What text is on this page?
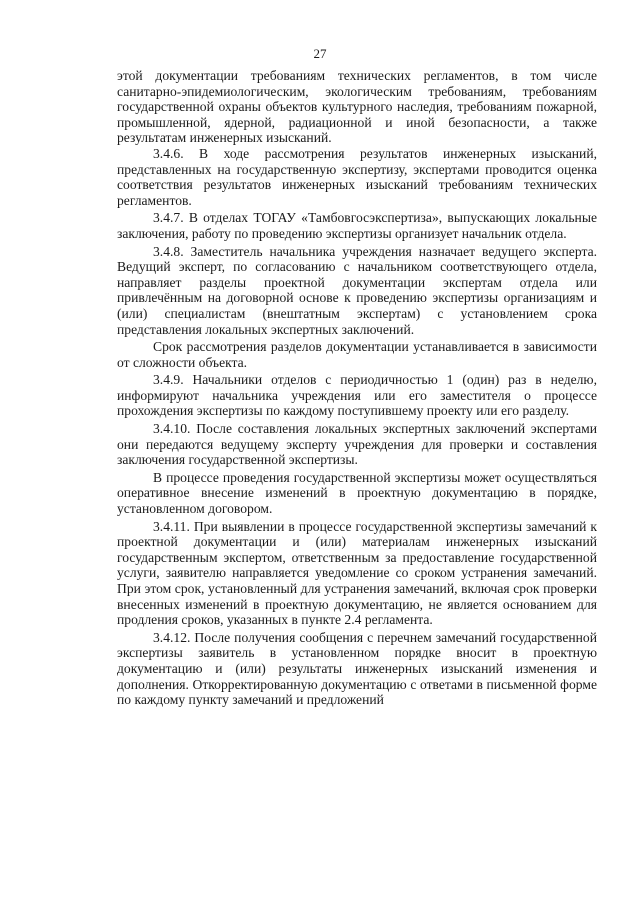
27

этой документации требованиям технических регламентов, в том числе санитарно-эпидемиологическим, экологическим требованиям, требованиям государственной охраны объектов культурного наследия, требованиям пожарной, промышленной, ядерной, радиационной и иной безопасности, а также результатам инженерных изысканий.

3.4.6. В ходе рассмотрения результатов инженерных изысканий, представленных на государственную экспертизу, экспертами проводится оценка соответствия результатов инженерных изысканий требованиям технических регламентов.

3.4.7. В отделах ТОГАУ «Тамбовгосэкспертиза», выпускающих локальные заключения, работу по проведению экспертизы организует начальник отдела.

3.4.8. Заместитель начальника учреждения назначает ведущего эксперта. Ведущий эксперт, по согласованию с начальником соответствующего отдела, направляет разделы проектной документации экспертам отдела или привлечённым на договорной основе к проведению экспертизы организациям и (или) специалистам (внештатным экспертам) с установлением срока представления локальных экспертных заключений.

Срок рассмотрения разделов документации устанавливается в зависимости от сложности объекта.

3.4.9. Начальники отделов с периодичностью 1 (один) раз в неделю, информируют начальника учреждения или его заместителя о процессе прохождения экспертизы по каждому поступившему проекту или его разделу.

3.4.10. После составления локальных экспертных заключений экспертами они передаются ведущему эксперту учреждения для проверки и составления заключения государственной экспертизы.

В процессе проведения государственной экспертизы может осуществляться оперативное внесение изменений в проектную документацию в порядке, установленном договором.

3.4.11. При выявлении в процессе государственной экспертизы замечаний к проектной документации и (или) материалам инженерных изысканий государственным экспертом, ответственным за предоставление государственной услуги, заявителю направляется уведомление со сроком устранения замечаний. При этом срок, установленный для устранения замечаний, включая срок проверки внесенных изменений в проектную документацию, не является основанием для продления сроков, указанных в пункте 2.4 регламента.

3.4.12. После получения сообщения с перечнем замечаний государственной экспертизы заявитель в установленном порядке вносит в проектную документацию и (или) результаты инженерных изысканий изменения и дополнения. Откорректированную документацию с ответами в письменной форме по каждому пункту замечаний и предложений
